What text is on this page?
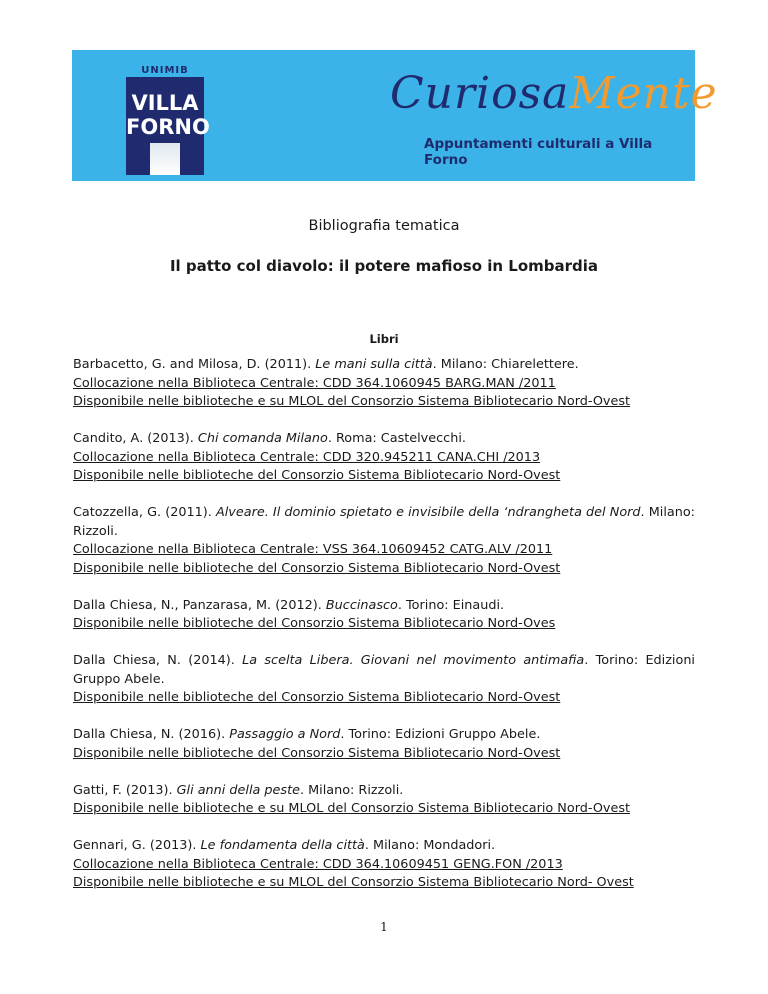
UNIMIB
VILLA
FORNO
CuriosaMente
Appuntamenti culturali a Villa Forno
Bibliografia tematica
Il patto col diavolo: il potere mafioso in Lombardia
Libri

Barbacetto, G. and Milosa, D. (2011). Le mani sulla città. Milano: Chiarelettere.

Collocazione nella Biblioteca Centrale: CDD 364.1060945 BARG.MAN /2011

Disponibile nelle biblioteche e su MLOL del Consorzio Sistema Bibliotecario Nord-Ovest

Candito, A. (2013). Chi comanda Milano. Roma: Castelvecchi.

Collocazione nella Biblioteca Centrale: CDD 320.945211 CANA.CHI /2013

Disponibile nelle biblioteche del Consorzio Sistema Bibliotecario Nord-Ovest

Catozzella, G. (2011). Alveare. Il dominio spietato e invisibile della ‘ndrangheta del Nord. Milano: Rizzoli.

Collocazione nella Biblioteca Centrale: VSS 364.10609452 CATG.ALV /2011

Disponibile nelle biblioteche del Consorzio Sistema Bibliotecario Nord-Ovest

Dalla Chiesa, N., Panzarasa, M. (2012). Buccinasco. Torino: Einaudi.

Disponibile nelle biblioteche del Consorzio Sistema Bibliotecario Nord-Oves

Dalla Chiesa, N. (2014). La scelta Libera. Giovani nel movimento antimafia. Torino: Edizioni Gruppo Abele.

Disponibile nelle biblioteche del Consorzio Sistema Bibliotecario Nord-Ovest

Dalla Chiesa, N. (2016). Passaggio a Nord. Torino: Edizioni Gruppo Abele.

Disponibile nelle biblioteche del Consorzio Sistema Bibliotecario Nord-Ovest

Gatti, F. (2013). Gli anni della peste. Milano: Rizzoli.

Disponibile nelle biblioteche e su MLOL del Consorzio Sistema Bibliotecario Nord-Ovest

Gennari, G. (2013). Le fondamenta della città. Milano: Mondadori.

Collocazione nella Biblioteca Centrale: CDD 364.10609451 GENG.FON /2013

Disponibile nelle biblioteche e su MLOL del Consorzio Sistema Bibliotecario Nord- Ovest

1
